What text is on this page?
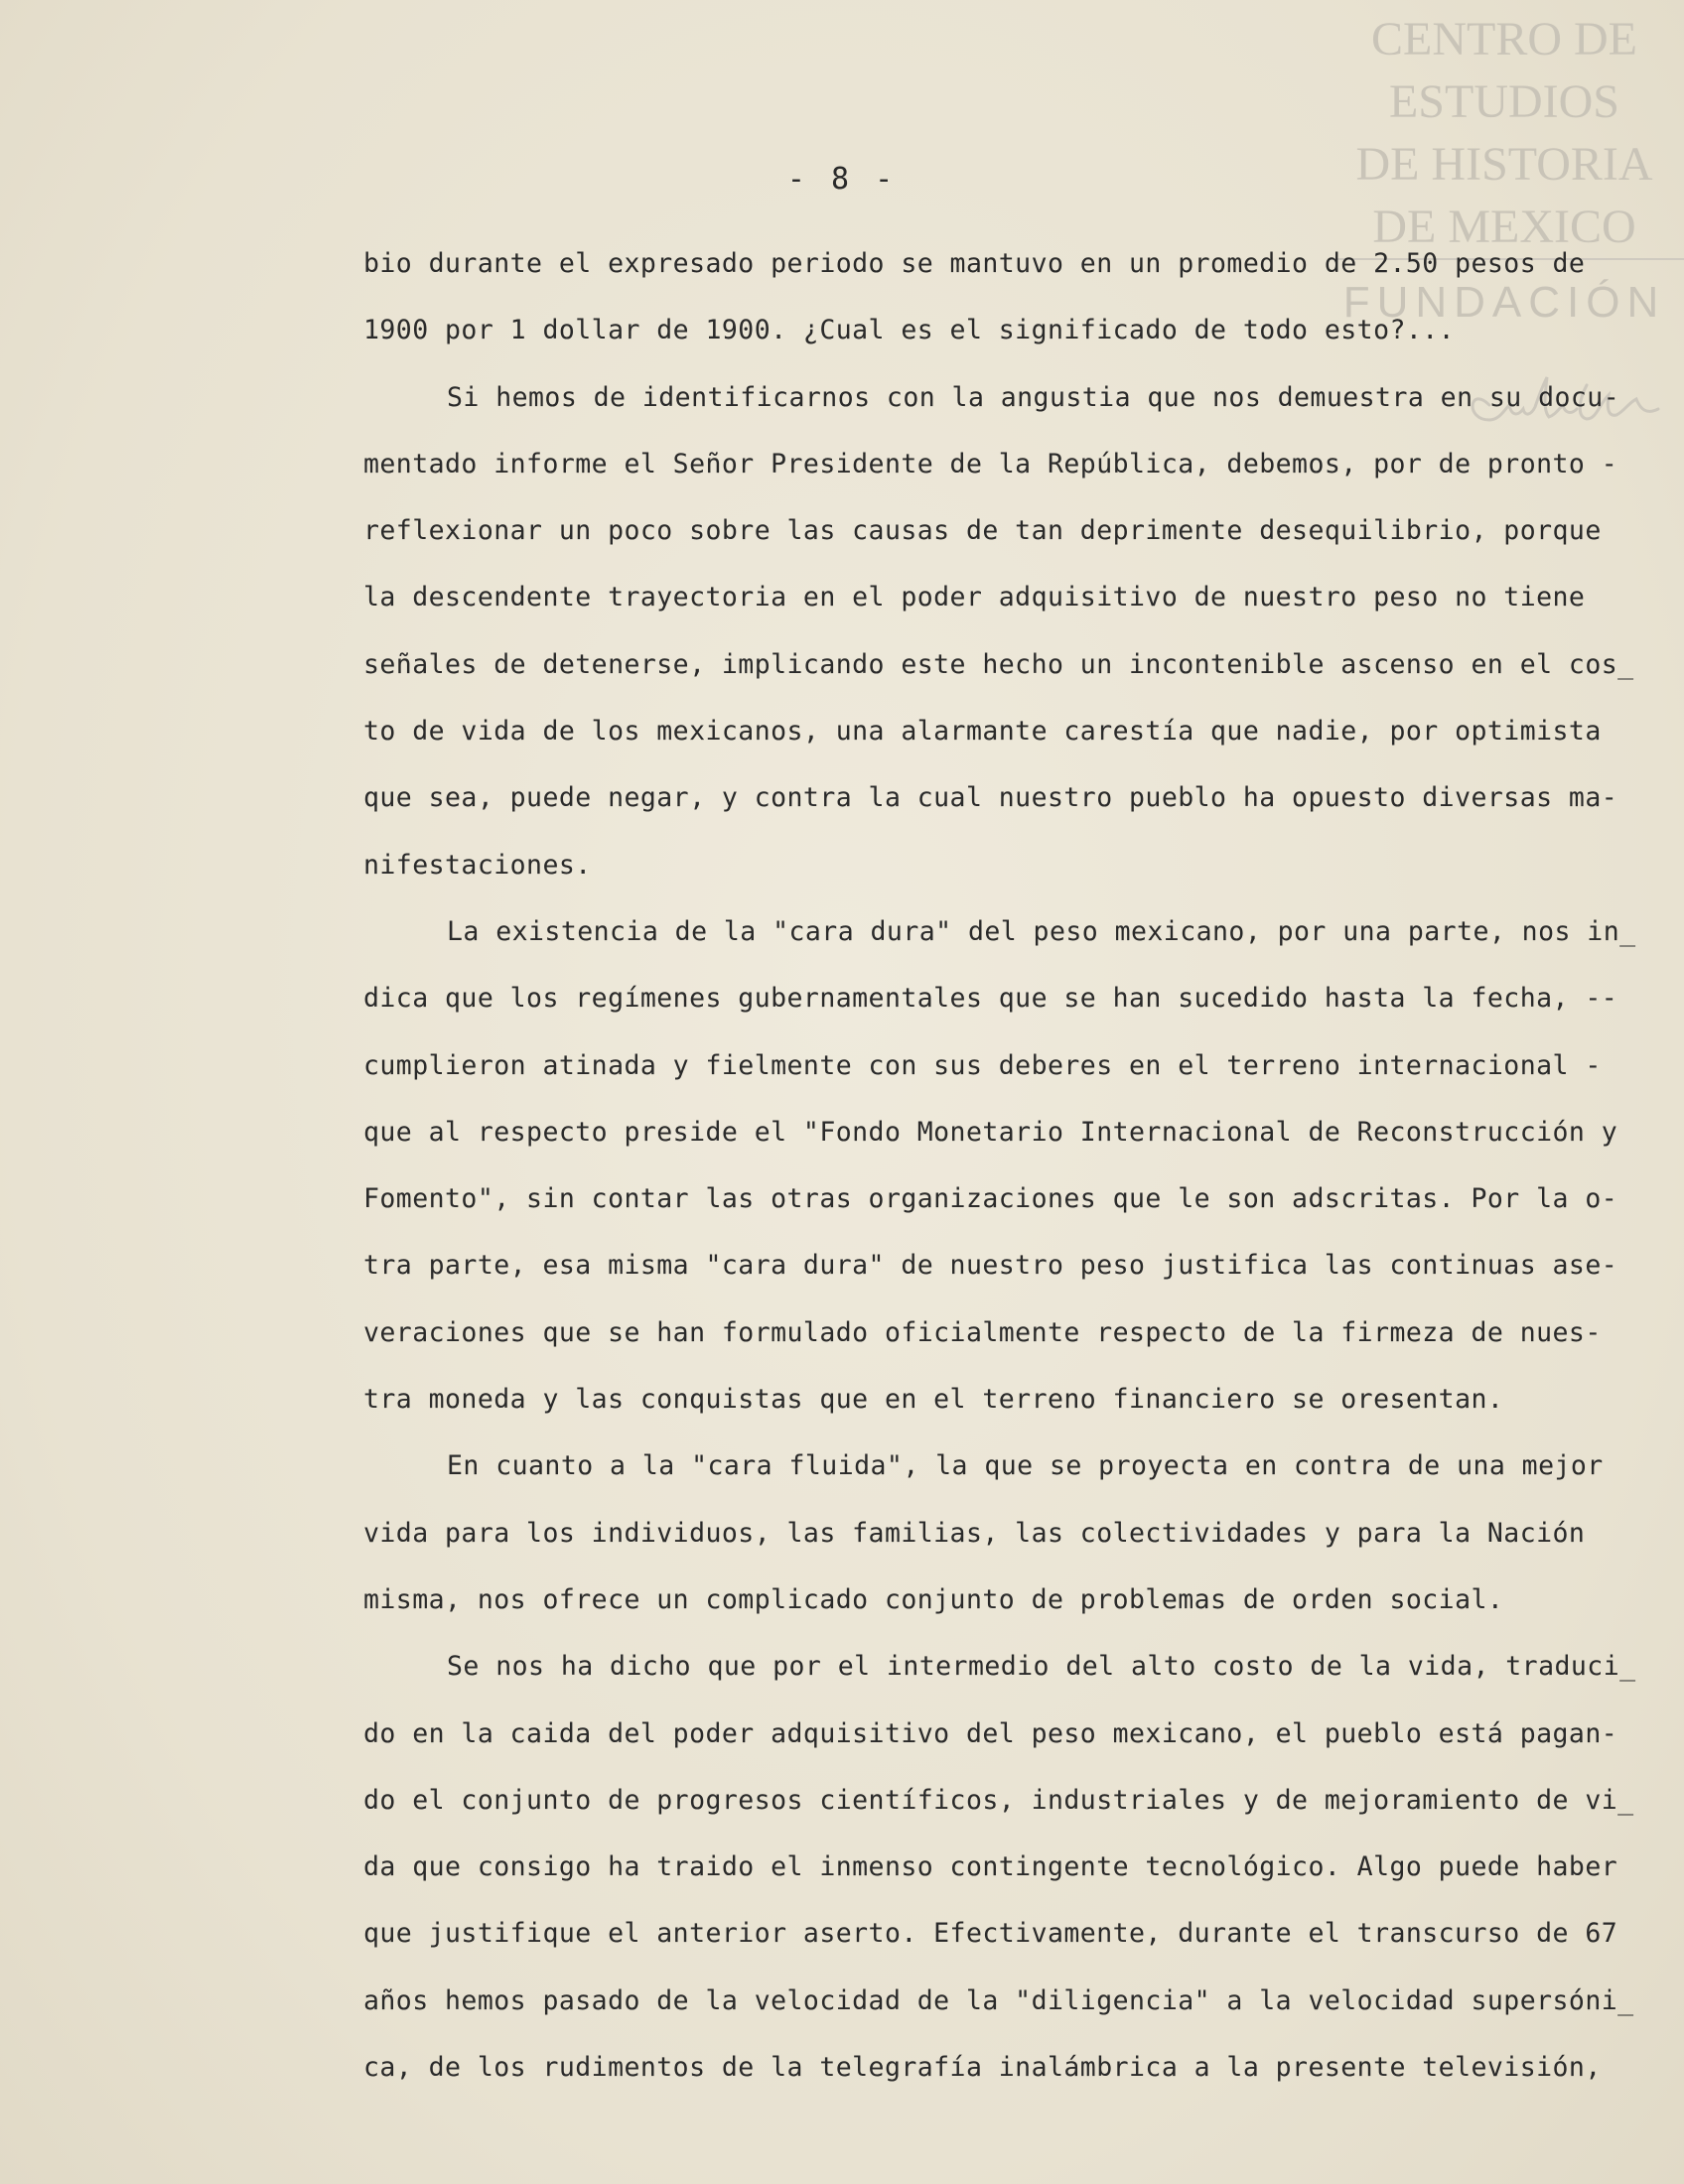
CENTRO DE
ESTUDIOS
DE HISTORIA
DE MEXICO
FUNDACIÓN
- 8 -
bio durante el expresado periodo se mantuvo en un promedio de 2.50 pesos de
1900 por 1 dollar de 1900. ¿Cual es el significado de todo esto?...
Si hemos de identificarnos con la angustia que nos demuestra en su docu-
mentado informe el Señor Presidente de la República, debemos, por de pronto -
reflexionar un poco sobre las causas de tan deprimente desequilibrio, porque
la descendente trayectoria en el poder adquisitivo de nuestro peso no tiene
señales de detenerse, implicando este hecho un incontenible ascenso en el cos_
to de vida de los mexicanos, una alarmante carestía que nadie, por optimista
que sea, puede negar, y contra la cual nuestro pueblo ha opuesto diversas ma-
nifestaciones.
La existencia de la "cara dura" del peso mexicano, por una parte, nos in_
dica que los regímenes gubernamentales que se han sucedido hasta la fecha, --
cumplieron atinada y fielmente con sus deberes en el terreno internacional -
que al respecto preside el "Fondo Monetario Internacional de Reconstrucción y
Fomento", sin contar las otras organizaciones que le son adscritas. Por la o-
tra parte, esa misma "cara dura" de nuestro peso justifica las continuas ase-
veraciones que se han formulado oficialmente respecto de la firmeza de nues-
tra moneda y las conquistas que en el terreno financiero se oresentan.
En cuanto a la "cara fluida", la que se proyecta en contra de una mejor
vida para los individuos, las familias, las colectividades y para la Nación
misma, nos ofrece un complicado conjunto de problemas de orden social.
Se nos ha dicho que por el intermedio del alto costo de la vida, traduci_
do en la caida del poder adquisitivo del peso mexicano, el pueblo está pagan-
do el conjunto de progresos científicos, industriales y de mejoramiento de vi_
da que consigo ha traido el inmenso contingente tecnológico. Algo puede haber
que justifique el anterior aserto. Efectivamente, durante el transcurso de 67
años hemos pasado de la velocidad de la "diligencia" a la velocidad supersóni_
ca, de los rudimentos de la telegrafía inalámbrica a la presente televisión,
